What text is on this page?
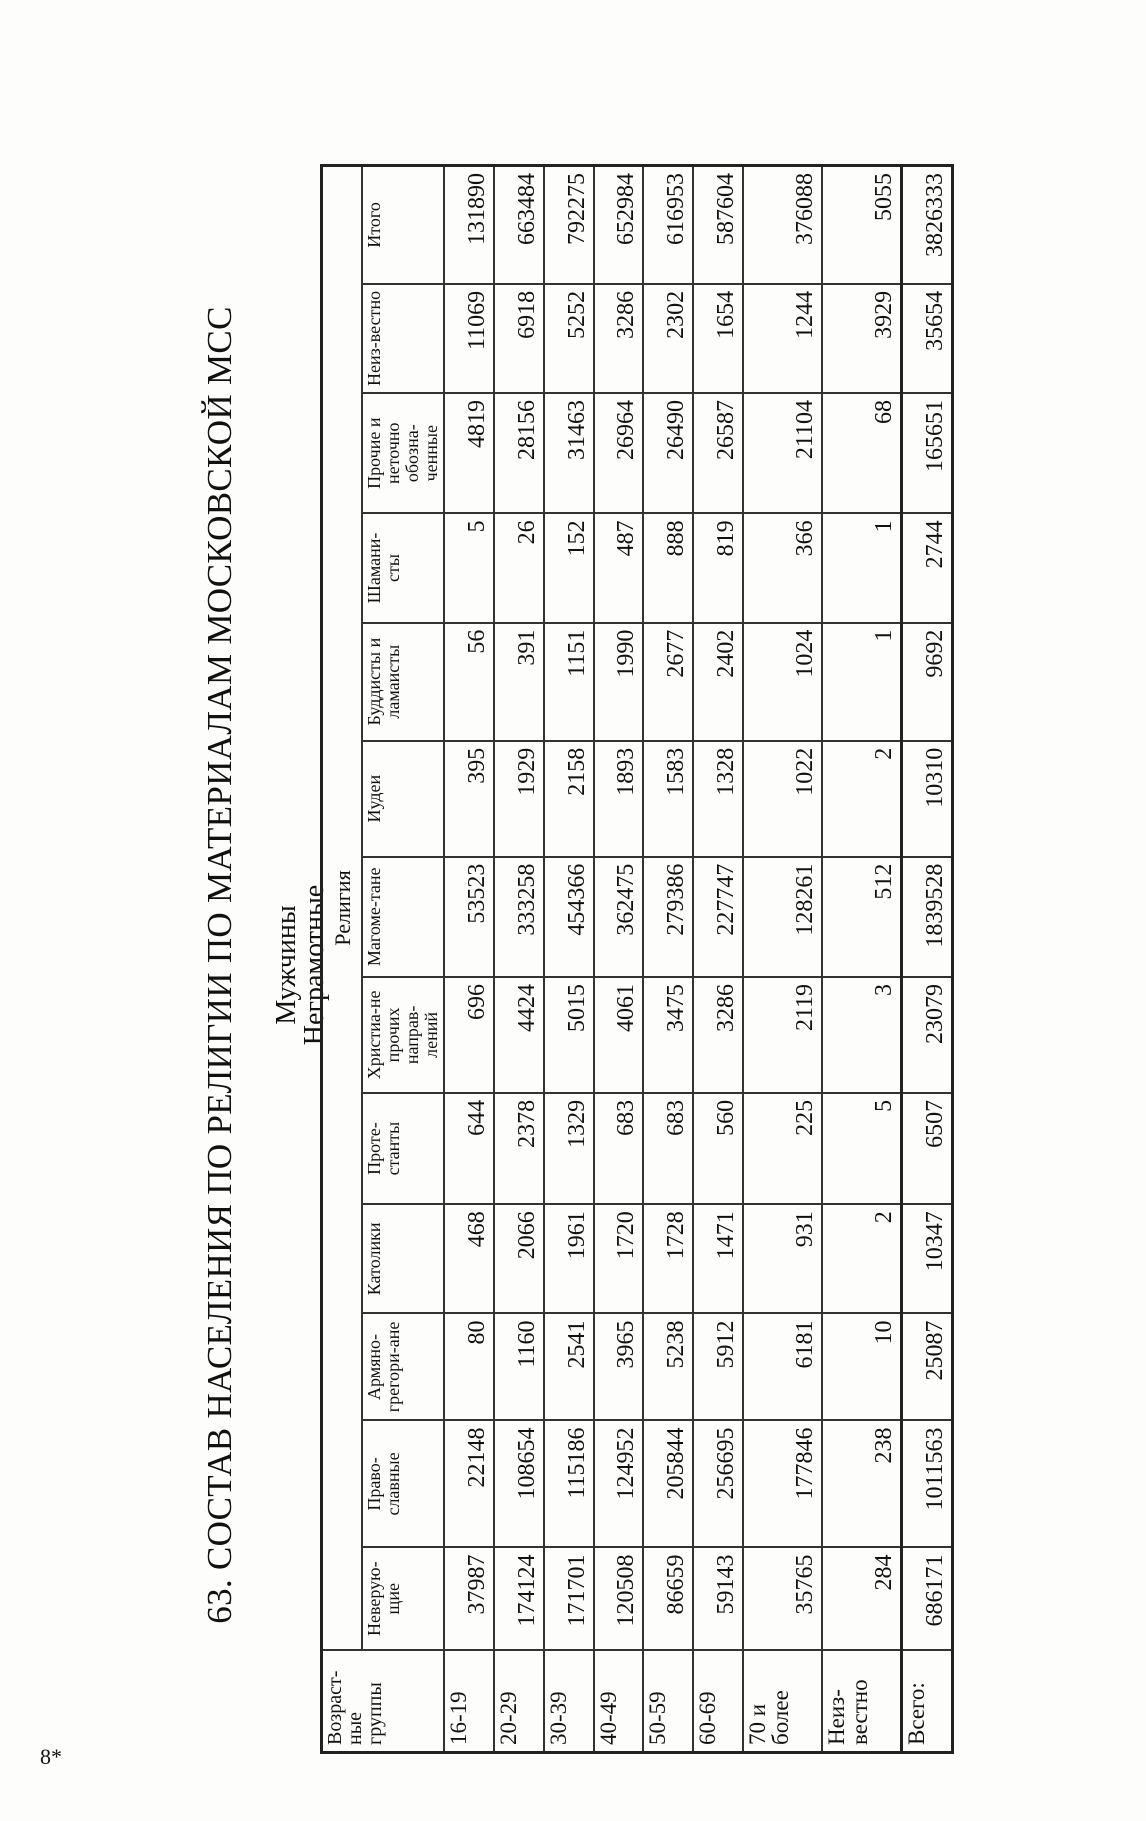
8*
63. СОСТАВ НАСЕЛЕНИЯ ПО РЕЛИГИИ ПО МАТЕРИАЛАМ МОСКОВСКОЙ МСС Мужчины
Неграмотные
Возраст-ные группы	Религия												
	Неверую-щие	Право-славные	Армяно-грегори-ане	Католики	Проте-станты	Христиа-не прочих направ-лений	Магоме-тане	Иудеи	Буддисты и ламаисты	Шамани-сты	Прочие и неточно обозна-ченные	Неиз-вестно	Итого
16-19	37987	22148	80	468	644	696	53523	395	56	5	4819	11069	131890
20-29	174124	108654	1160	2066	2378	4424	333258	1929	391	26	28156	6918	663484
30-39	171701	115186	2541	1961	1329	5015	454366	2158	1151	152	31463	5252	792275
40-49	120508	124952	3965	1720	683	4061	362475	1893	1990	487	26964	3286	652984
50-59	86659	205844	5238	1728	683	3475	279386	1583	2677	888	26490	2302	616953
60-69	59143	256695	5912	1471	560	3286	227747	1328	2402	819	26587	1654	587604
70 и более	35765	177846	6181	931	225	2119	128261	1022	1024	366	21104	1244	376088
Неиз-вестно	284	238	10	2	5	3	512	2	1	1	68	3929	5055
Всего:	686171	1011563	25087	10347	6507	23079	1839528	10310	9692	2744	165651	35654	3826333
